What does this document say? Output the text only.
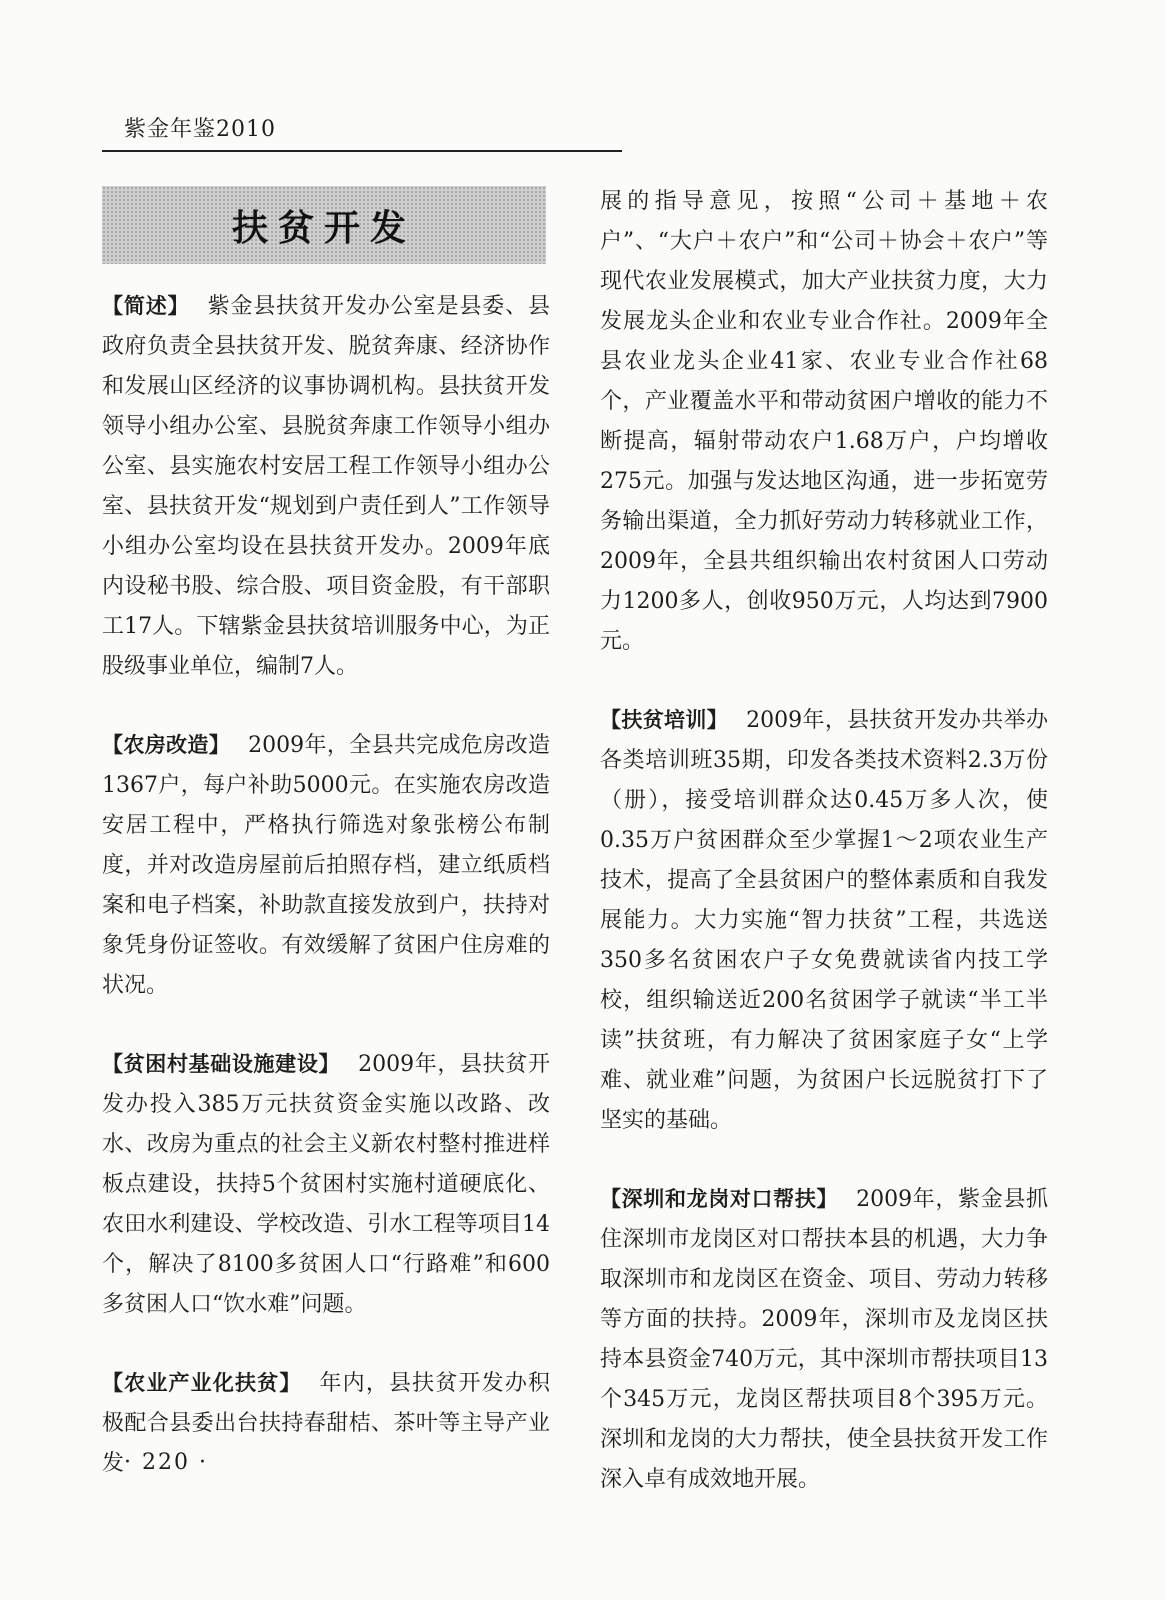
紫金年鉴2010
扶贫开发

【简述】 紫金县扶贫开发办公室是县委、县政府负责全县扶贫开发、脱贫奔康、经济协作和发展山区经济的议事协调机构。县扶贫开发领导小组办公室、县脱贫奔康工作领导小组办公室、县实施农村安居工程工作领导小组办公室、县扶贫开发“规划到户责任到人”工作领导小组办公室均设在县扶贫开发办。2009年底内设秘书股、综合股、项目资金股，有干部职工17人。下辖紫金县扶贫培训服务中心，为正股级事业单位，编制7人。

【农房改造】 2009年，全县共完成危房改造1367户，每户补助5000元。在实施农房改造安居工程中，严格执行筛选对象张榜公布制度，并对改造房屋前后拍照存档，建立纸质档案和电子档案，补助款直接发放到户，扶持对象凭身份证签收。有效缓解了贫困户住房难的状况。

【贫困村基础设施建设】 2009年，县扶贫开发办投入385万元扶贫资金实施以改路、改水、改房为重点的社会主义新农村整村推进样板点建设，扶持5个贫困村实施村道硬底化、农田水利建设、学校改造、引水工程等项目14个，解决了8100多贫困人口“行路难”和600多贫困人口“饮水难”问题。

【农业产业化扶贫】 年内，县扶贫开发办积极配合县委出台扶持春甜桔、茶叶等主导产业发

展的指导意见，按照“公司＋基地＋农户”、“大户＋农户”和“公司＋协会＋农户”等现代农业发展模式，加大产业扶贫力度，大力发展龙头企业和农业专业合作社。2009年全县农业龙头企业41家、农业专业合作社68个，产业覆盖水平和带动贫困户增收的能力不断提高，辐射带动农户1.68万户，户均增收275元。加强与发达地区沟通，进一步拓宽劳务输出渠道，全力抓好劳动力转移就业工作，2009年，全县共组织输出农村贫困人口劳动力1200多人，创收950万元，人均达到7900元。

【扶贫培训】 2009年，县扶贫开发办共举办各类培训班35期，印发各类技术资料2.3万份（册），接受培训群众达0.45万多人次，使0.35万户贫困群众至少掌握1～2项农业生产技术，提高了全县贫困户的整体素质和自我发展能力。大力实施“智力扶贫”工程，共选送350多名贫困农户子女免费就读省内技工学校，组织输送近200名贫困学子就读“半工半读”扶贫班，有力解决了贫困家庭子女“上学难、就业难”问题，为贫困户长远脱贫打下了坚实的基础。

【深圳和龙岗对口帮扶】 2009年，紫金县抓住深圳市龙岗区对口帮扶本县的机遇，大力争取深圳市和龙岗区在资金、项目、劳动力转移等方面的扶持。2009年，深圳市及龙岗区扶持本县资金740万元，其中深圳市帮扶项目13个345万元，龙岗区帮扶项目8个395万元。深圳和龙岗的大力帮扶，使全县扶贫开发工作深入卓有成效地开展。

· 220 ·
